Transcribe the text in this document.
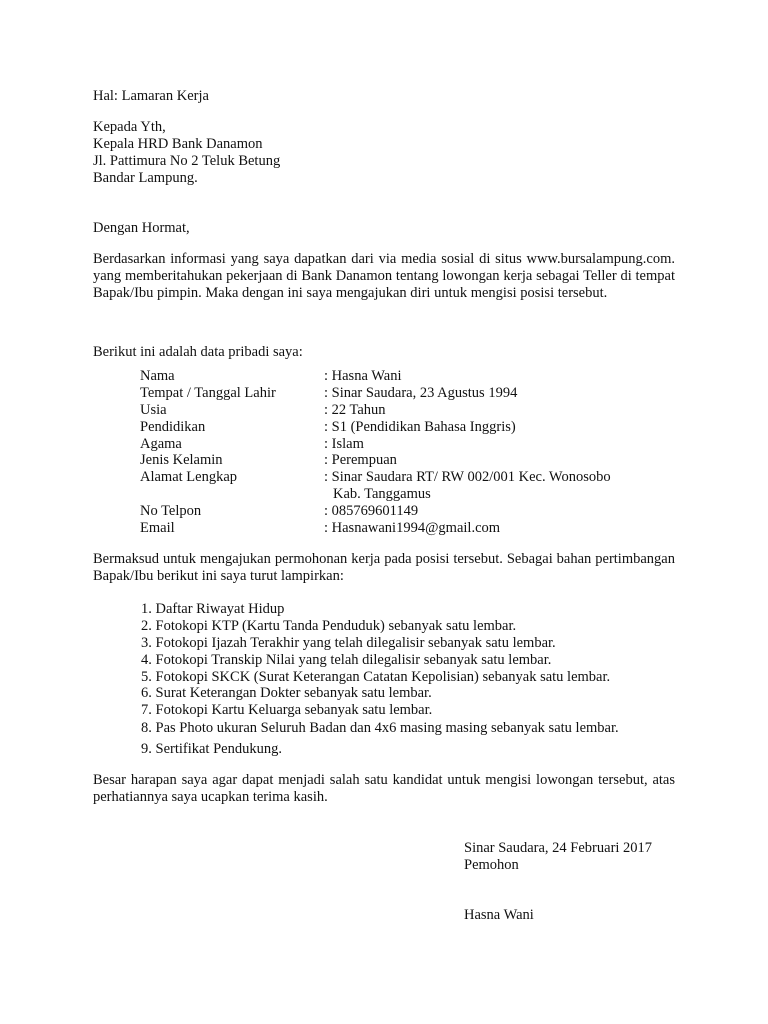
Hal: Lamaran Kerja
Kepada Yth,
Kepala HRD Bank Danamon
Jl. Pattimura No 2 Teluk Betung
Bandar Lampung.
Dengan Hormat,
Berdasarkan informasi yang saya dapatkan dari via media sosial di situs www.bursalampung.com. yang memberitahukan pekerjaan di Bank Danamon tentang lowongan kerja sebagai Teller di tempat Bapak/Ibu pimpin. Maka dengan ini saya mengajukan diri untuk mengisi posisi tersebut.
Berikut ini adalah data pribadi saya:
Nama	: Hasna Wani
Tempat / Tanggal Lahir	: Sinar Saudara, 23 Agustus 1994
Usia	: 22 Tahun
Pendidikan	: S1 (Pendidikan Bahasa Inggris)
Agama	: Islam
Jenis Kelamin	: Perempuan
Alamat Lengkap	: Sinar Saudara RT/ RW 002/001 Kec. Wonosobo
Kab. Tanggamus
No Telpon	: 085769601149
Email	: Hasnawani1994@gmail.com
Bermaksud untuk mengajukan permohonan kerja pada posisi tersebut. Sebagai bahan pertimbangan Bapak/Ibu berikut ini saya turut lampirkan:
1. Daftar Riwayat Hidup
2. Fotokopi KTP (Kartu Tanda Penduduk) sebanyak satu lembar.
3. Fotokopi Ijazah Terakhir yang telah dilegalisir sebanyak satu lembar.
4. Fotokopi Transkip Nilai yang telah dilegalisir sebanyak satu lembar.
5. Fotokopi SKCK (Surat Keterangan Catatan Kepolisian) sebanyak satu lembar.
6. Surat Keterangan Dokter sebanyak satu lembar.
7. Fotokopi Kartu Keluarga sebanyak satu lembar.
8. Pas Photo ukuran Seluruh Badan dan 4x6 masing masing sebanyak satu lembar.
9. Sertifikat Pendukung.
Besar harapan saya agar dapat menjadi salah satu kandidat untuk mengisi lowongan tersebut, atas perhatiannya saya ucapkan terima kasih.
Sinar Saudara, 24 Februari 2017
Pemohon
Hasna Wani
